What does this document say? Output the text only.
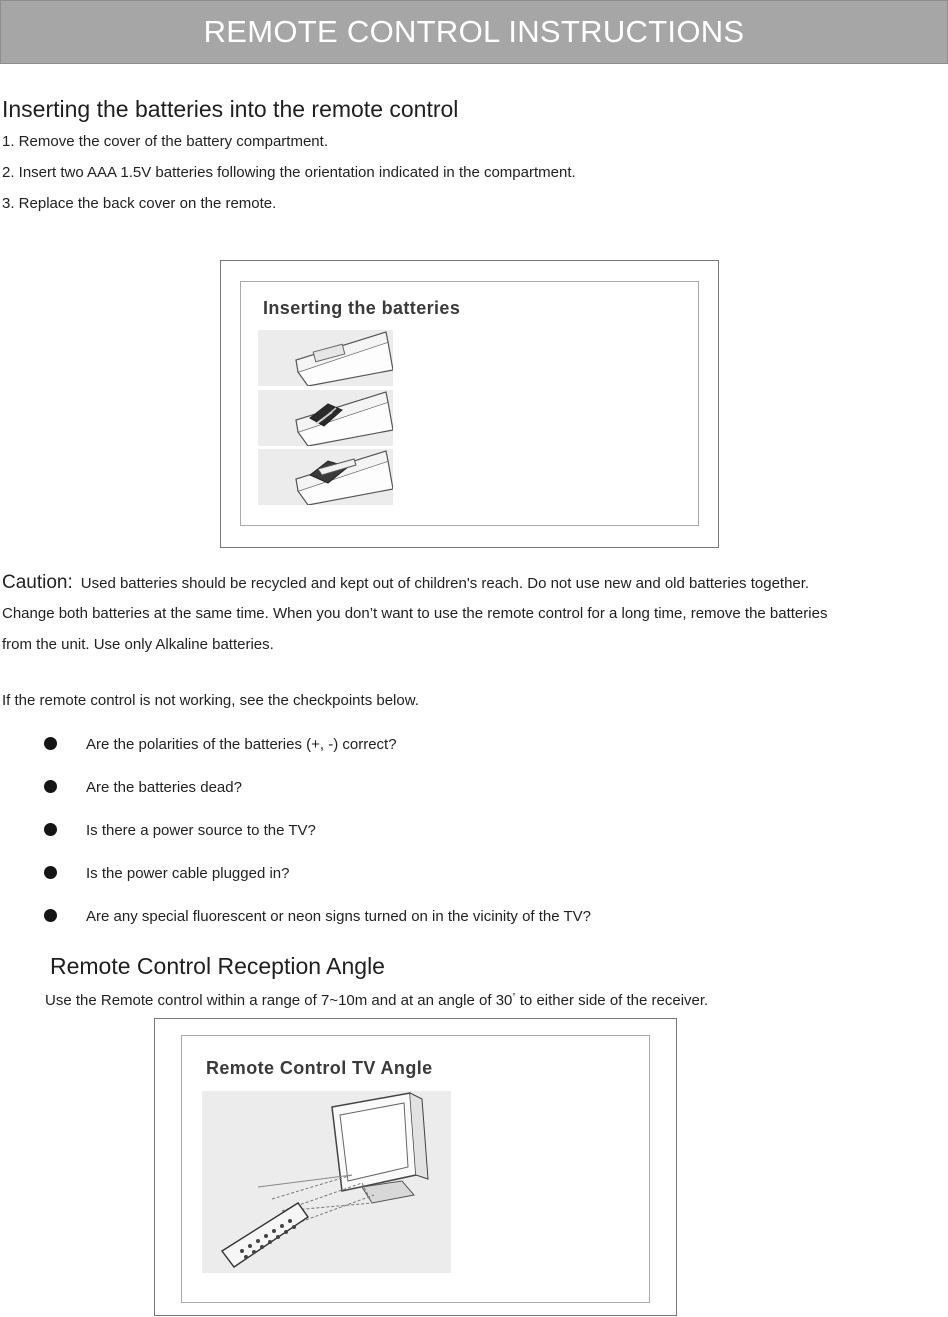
REMOTE CONTROL INSTRUCTIONS
Inserting the batteries into the remote control
1. Remove the cover of the battery compartment.
2. Insert two AAA 1.5V batteries following the orientation indicated in the compartment.
3. Replace the back cover on the remote.
Inserting the batteries
Caution: Used batteries should be recycled and kept out of children's reach. Do not use new and old batteries together.
Change both batteries at the same time. When you don’t want to use the remote control for a long time, remove the batteries
from the unit. Use only Alkaline batteries.
If the remote control is not working, see the checkpoints below.
Are the polarities of the batteries (+, -) correct?
Are the batteries dead?
Is there a power source to the TV?
Is the power cable plugged in?
Are any special fluorescent or neon signs turned on in the vicinity of the TV?
Remote Control Reception Angle
Use the Remote control within a range of 7~10m and at an angle of 30° to either side of the receiver.
Remote Control TV Angle
